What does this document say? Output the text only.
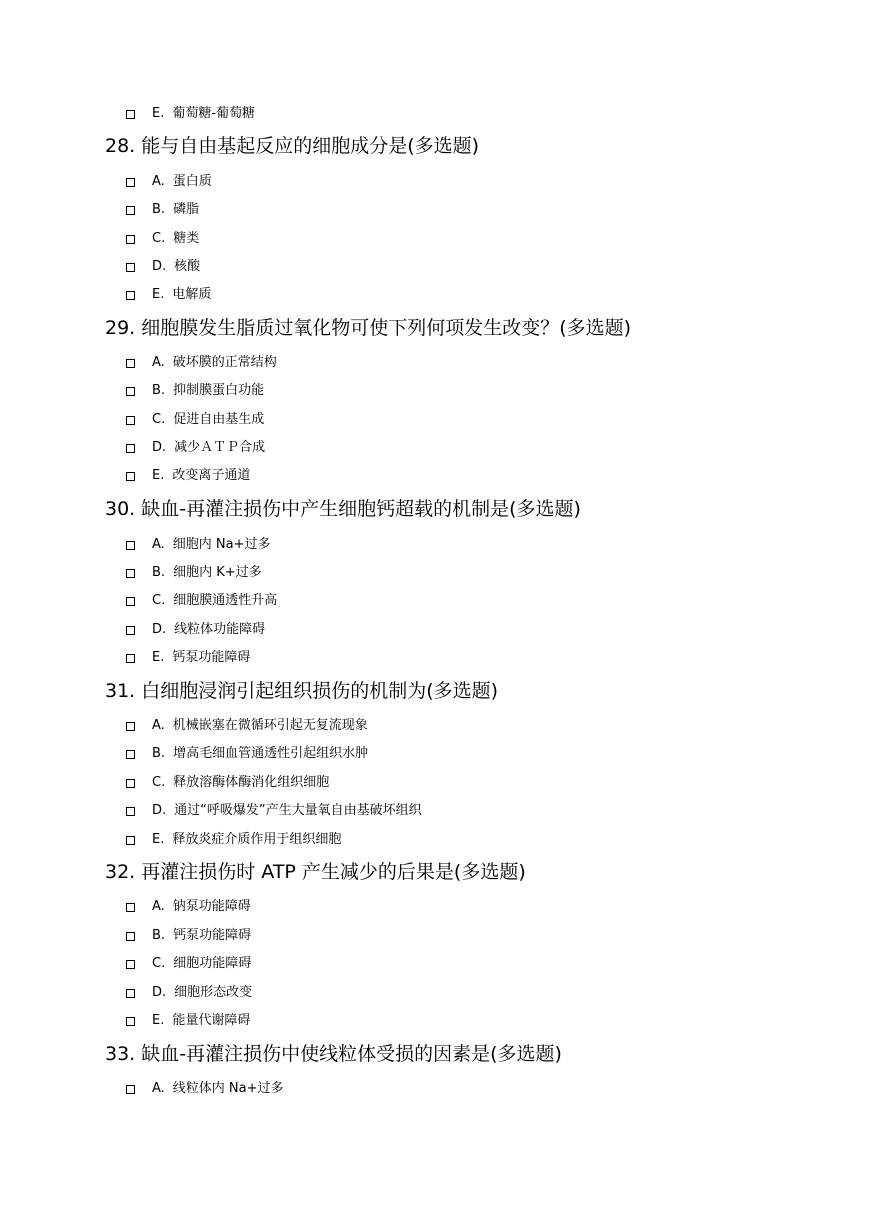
E. 葡萄糖-葡萄糖
28. 能与自由基起反应的细胞成分是(多选题)
A. 蛋白质
B. 磷脂
C. 糖类
D. 核酸
E. 电解质
29. 细胞膜发生脂质过氧化物可使下列何项发生改变？(多选题)
A. 破坏膜的正常结构
B. 抑制膜蛋白功能
C. 促进自由基生成
D. 减少ＡＴＰ合成
E. 改变离子通道
30. 缺血-再灌注损伤中产生细胞钙超载的机制是(多选题)
A. 细胞内 Na+过多
B. 细胞内 K+过多
C. 细胞膜通透性升高
D. 线粒体功能障碍
E. 钙泵功能障碍
31. 白细胞浸润引起组织损伤的机制为(多选题)
A. 机械嵌塞在微循环引起无复流现象
B. 增高毛细血管通透性引起组织水肿
C. 释放溶酶体酶消化组织细胞
D. 通过“呼吸爆发”产生大量氧自由基破坏组织
E. 释放炎症介质作用于组织细胞
32. 再灌注损伤时 ATP 产生减少的后果是(多选题)
A. 钠泵功能障碍
B. 钙泵功能障碍
C. 细胞功能障碍
D. 细胞形态改变
E. 能量代谢障碍
33. 缺血-再灌注损伤中使线粒体受损的因素是(多选题)
A. 线粒体内 Na+过多
